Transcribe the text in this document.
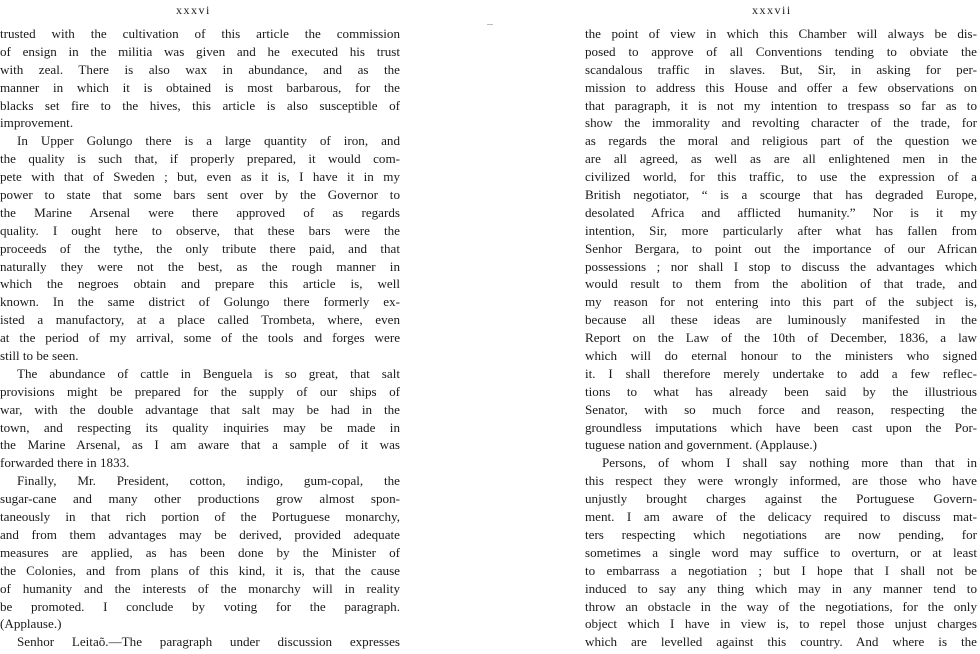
xxxvi
trusted with the cultivation of this article the commission
of ensign in the militia was given and he executed his trust
with zeal. There is also wax in abundance, and as the
manner in which it is obtained is most barbarous, for the
blacks set fire to the hives, this article is also susceptible of
improvement.
In Upper Golungo there is a large quantity of iron, and
the quality is such that, if properly prepared, it would com-
pete with that of Sweden ; but, even as it is, I have it in my
power to state that some bars sent over by the Governor to
the Marine Arsenal were there approved of as regards
quality. I ought here to observe, that these bars were the
proceeds of the tythe, the only tribute there paid, and that
naturally they were not the best, as the rough manner in
which the negroes obtain and prepare this article is, well
known. In the same district of Golungo there formerly ex-
isted a manufactory, at a place called Trombeta, where, even
at the period of my arrival, some of the tools and forges were
still to be seen.
The abundance of cattle in Benguela is so great, that salt
provisions might be prepared for the supply of our ships of
war, with the double advantage that salt may be had in the
town, and respecting its quality inquiries may be made in
the Marine Arsenal, as I am aware that a sample of it was
forwarded there in 1833.
Finally, Mr. President, cotton, indigo, gum-copal, the
sugar-cane and many other productions grow almost spon-
taneously in that rich portion of the Portuguese monarchy,
and from them advantages may be derived, provided adequate
measures are applied, as has been done by the Minister of
the Colonies, and from plans of this kind, it is, that the cause
of humanity and the interests of the monarchy will in reality
be promoted. I conclude by voting for the paragraph.
(Applause.)
Senhor Leitaõ.—The paragraph under discussion expresses
xxxvii
the point of view in which this Chamber will always be dis-
posed to approve of all Conventions tending to obviate the
scandalous traffic in slaves. But, Sir, in asking for per-
mission to address this House and offer a few observations on
that paragraph, it is not my intention to trespass so far as to
show the immorality and revolting character of the trade, for
as regards the moral and religious part of the question we
are all agreed, as well as are all enlightened men in the
civilized world, for this traffic, to use the expression of a
British negotiator, “ is a scourge that has degraded Europe,
desolated Africa and afflicted humanity.” Nor is it my
intention, Sir, more particularly after what has fallen from
Senhor Bergara, to point out the importance of our African
possessions ; nor shall I stop to discuss the advantages which
would result to them from the abolition of that trade, and
my reason for not entering into this part of the subject is,
because all these ideas are luminously manifested in the
Report on the Law of the 10th of December, 1836, a law
which will do eternal honour to the ministers who signed
it. I shall therefore merely undertake to add a few reflec-
tions to what has already been said by the illustrious
Senator, with so much force and reason, respecting the
groundless imputations which have been cast upon the Por-
tuguese nation and government. (Applause.)
Persons, of whom I shall say nothing more than that in
this respect they were wrongly informed, are those who have
unjustly brought charges against the Portuguese Govern-
ment. I am aware of the delicacy required to discuss mat-
ters respecting which negotiations are now pending, for
sometimes a single word may suffice to overturn, or at least
to embarrass a negotiation ; but I hope that I shall not be
induced to say any thing which may in any manner tend to
throw an obstacle in the way of the negotiations, for the only
object which I have in view is, to repel those unjust charges
which are levelled against this country. And where is the
